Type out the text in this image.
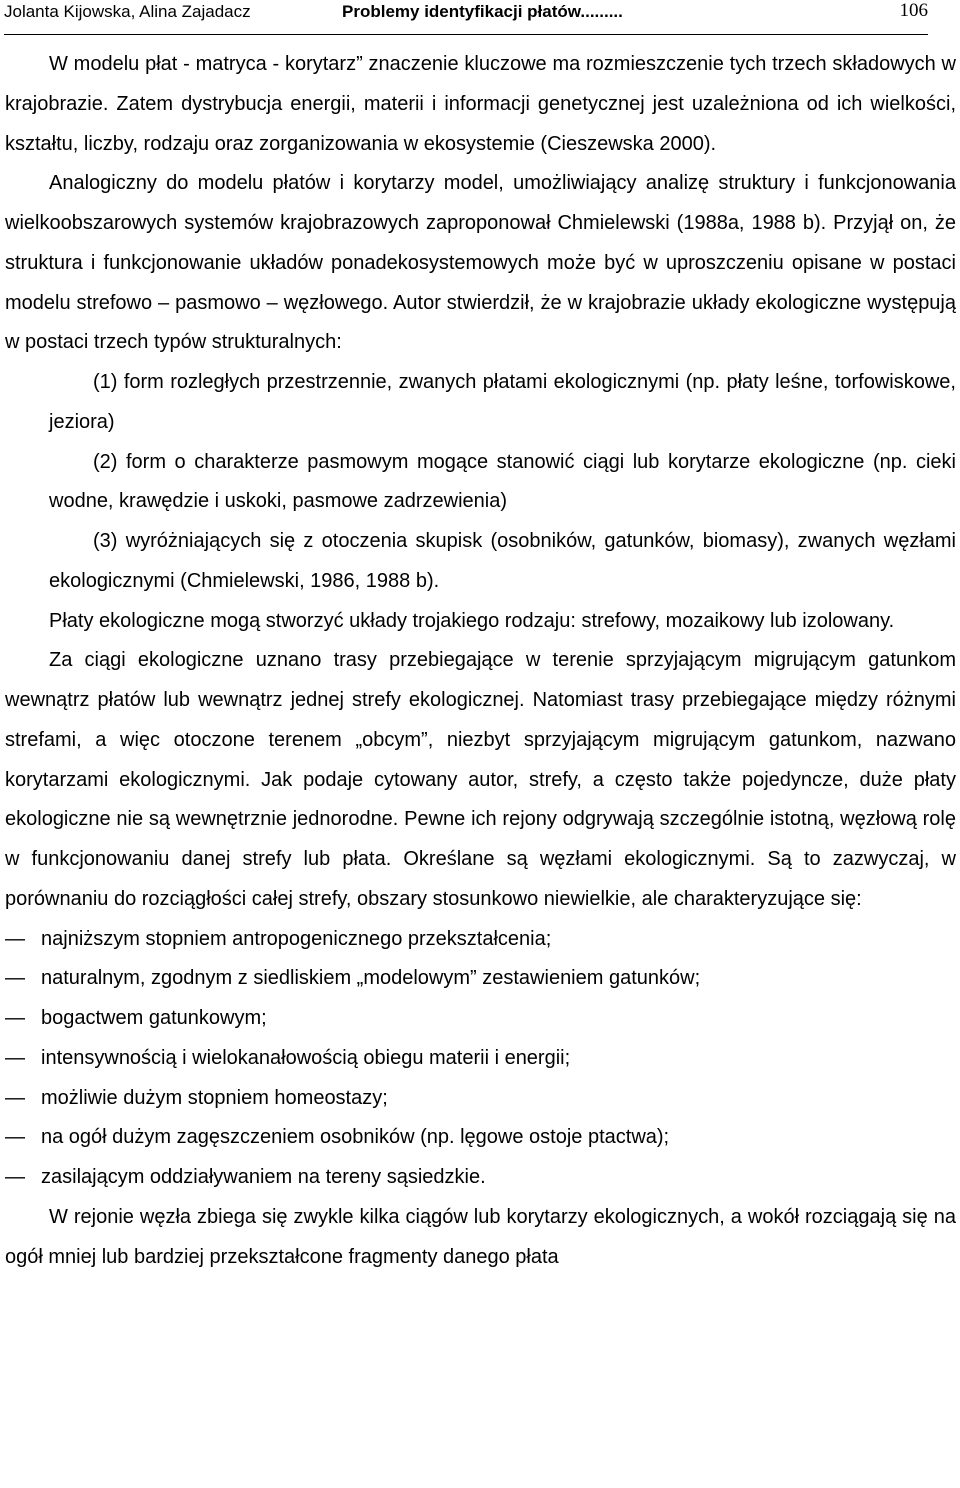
Jolanta Kijowska, Alina Zajadacz	Problemy identyfikacji płatów.........	106

W modelu płat - matryca - korytarz” znaczenie kluczowe ma rozmieszczenie tych trzech składowych w krajobrazie. Zatem dystrybucja energii, materii i informacji genetycznej jest uzależniona od ich wielkości, kształtu, liczby, rodzaju oraz zorganizowania w ekosystemie (Cieszewska 2000).

Analogiczny do modelu płatów i korytarzy model, umożliwiający analizę struktury i funkcjonowania wielkoobszarowych systemów krajobrazowych zaproponował Chmielewski (1988a, 1988 b). Przyjął on, że struktura i funkcjonowanie układów ponadekosystemowych może być w uproszczeniu opisane w postaci modelu strefowo – pasmowo – węzłowego. Autor stwierdził, że w krajobrazie układy ekologiczne występują w postaci trzech typów strukturalnych:

(1) form rozległych przestrzennie, zwanych płatami ekologicznymi (np. płaty leśne, torfowiskowe, jeziora)

(2) form o charakterze pasmowym mogące stanowić ciągi lub korytarze ekologiczne (np. cieki wodne, krawędzie i uskoki, pasmowe zadrzewienia)

(3) wyróżniających się z otoczenia skupisk (osobników, gatunków, biomasy), zwanych węzłami ekologicznymi (Chmielewski, 1986, 1988 b).

Płaty ekologiczne mogą stworzyć układy trojakiego rodzaju: strefowy, mozaikowy lub izolowany.

Za ciągi ekologiczne uznano trasy przebiegające w terenie sprzyjającym migrującym gatunkom wewnątrz płatów lub wewnątrz jednej strefy ekologicznej. Natomiast trasy przebiegające między różnymi strefami, a więc otoczone terenem „obcym”, niezbyt sprzyjającym migrującym gatunkom, nazwano korytarzami ekologicznymi. Jak podaje cytowany autor, strefy, a często także pojedyncze, duże płaty ekologiczne nie są wewnętrznie jednorodne. Pewne ich rejony odgrywają szczególnie istotną, węzłową rolę w funkcjonowaniu danej strefy lub płata. Określane są węzłami ekologicznymi. Są to zazwyczaj, w porównaniu do rozciągłości całej strefy, obszary stosunkowo niewielkie, ale charakteryzujące się:

— najniższym stopniem antropogenicznego przekształcenia;
— naturalnym, zgodnym z siedliskiem „modelowym” zestawieniem gatunków;
— bogactwem gatunkowym;
— intensywnością i wielokanałowością obiegu materii i energii;
— możliwie dużym stopniem homeostazy;
— na ogół dużym zagęszczeniem osobników (np. lęgowe ostoje ptactwa);
— zasilającym oddziaływaniem na tereny sąsiedzkie.

W rejonie węzła zbiega się zwykle kilka ciągów lub korytarzy ekologicznych, a wokół rozciągają się na ogół mniej lub bardziej przekształcone fragmenty danego płata
